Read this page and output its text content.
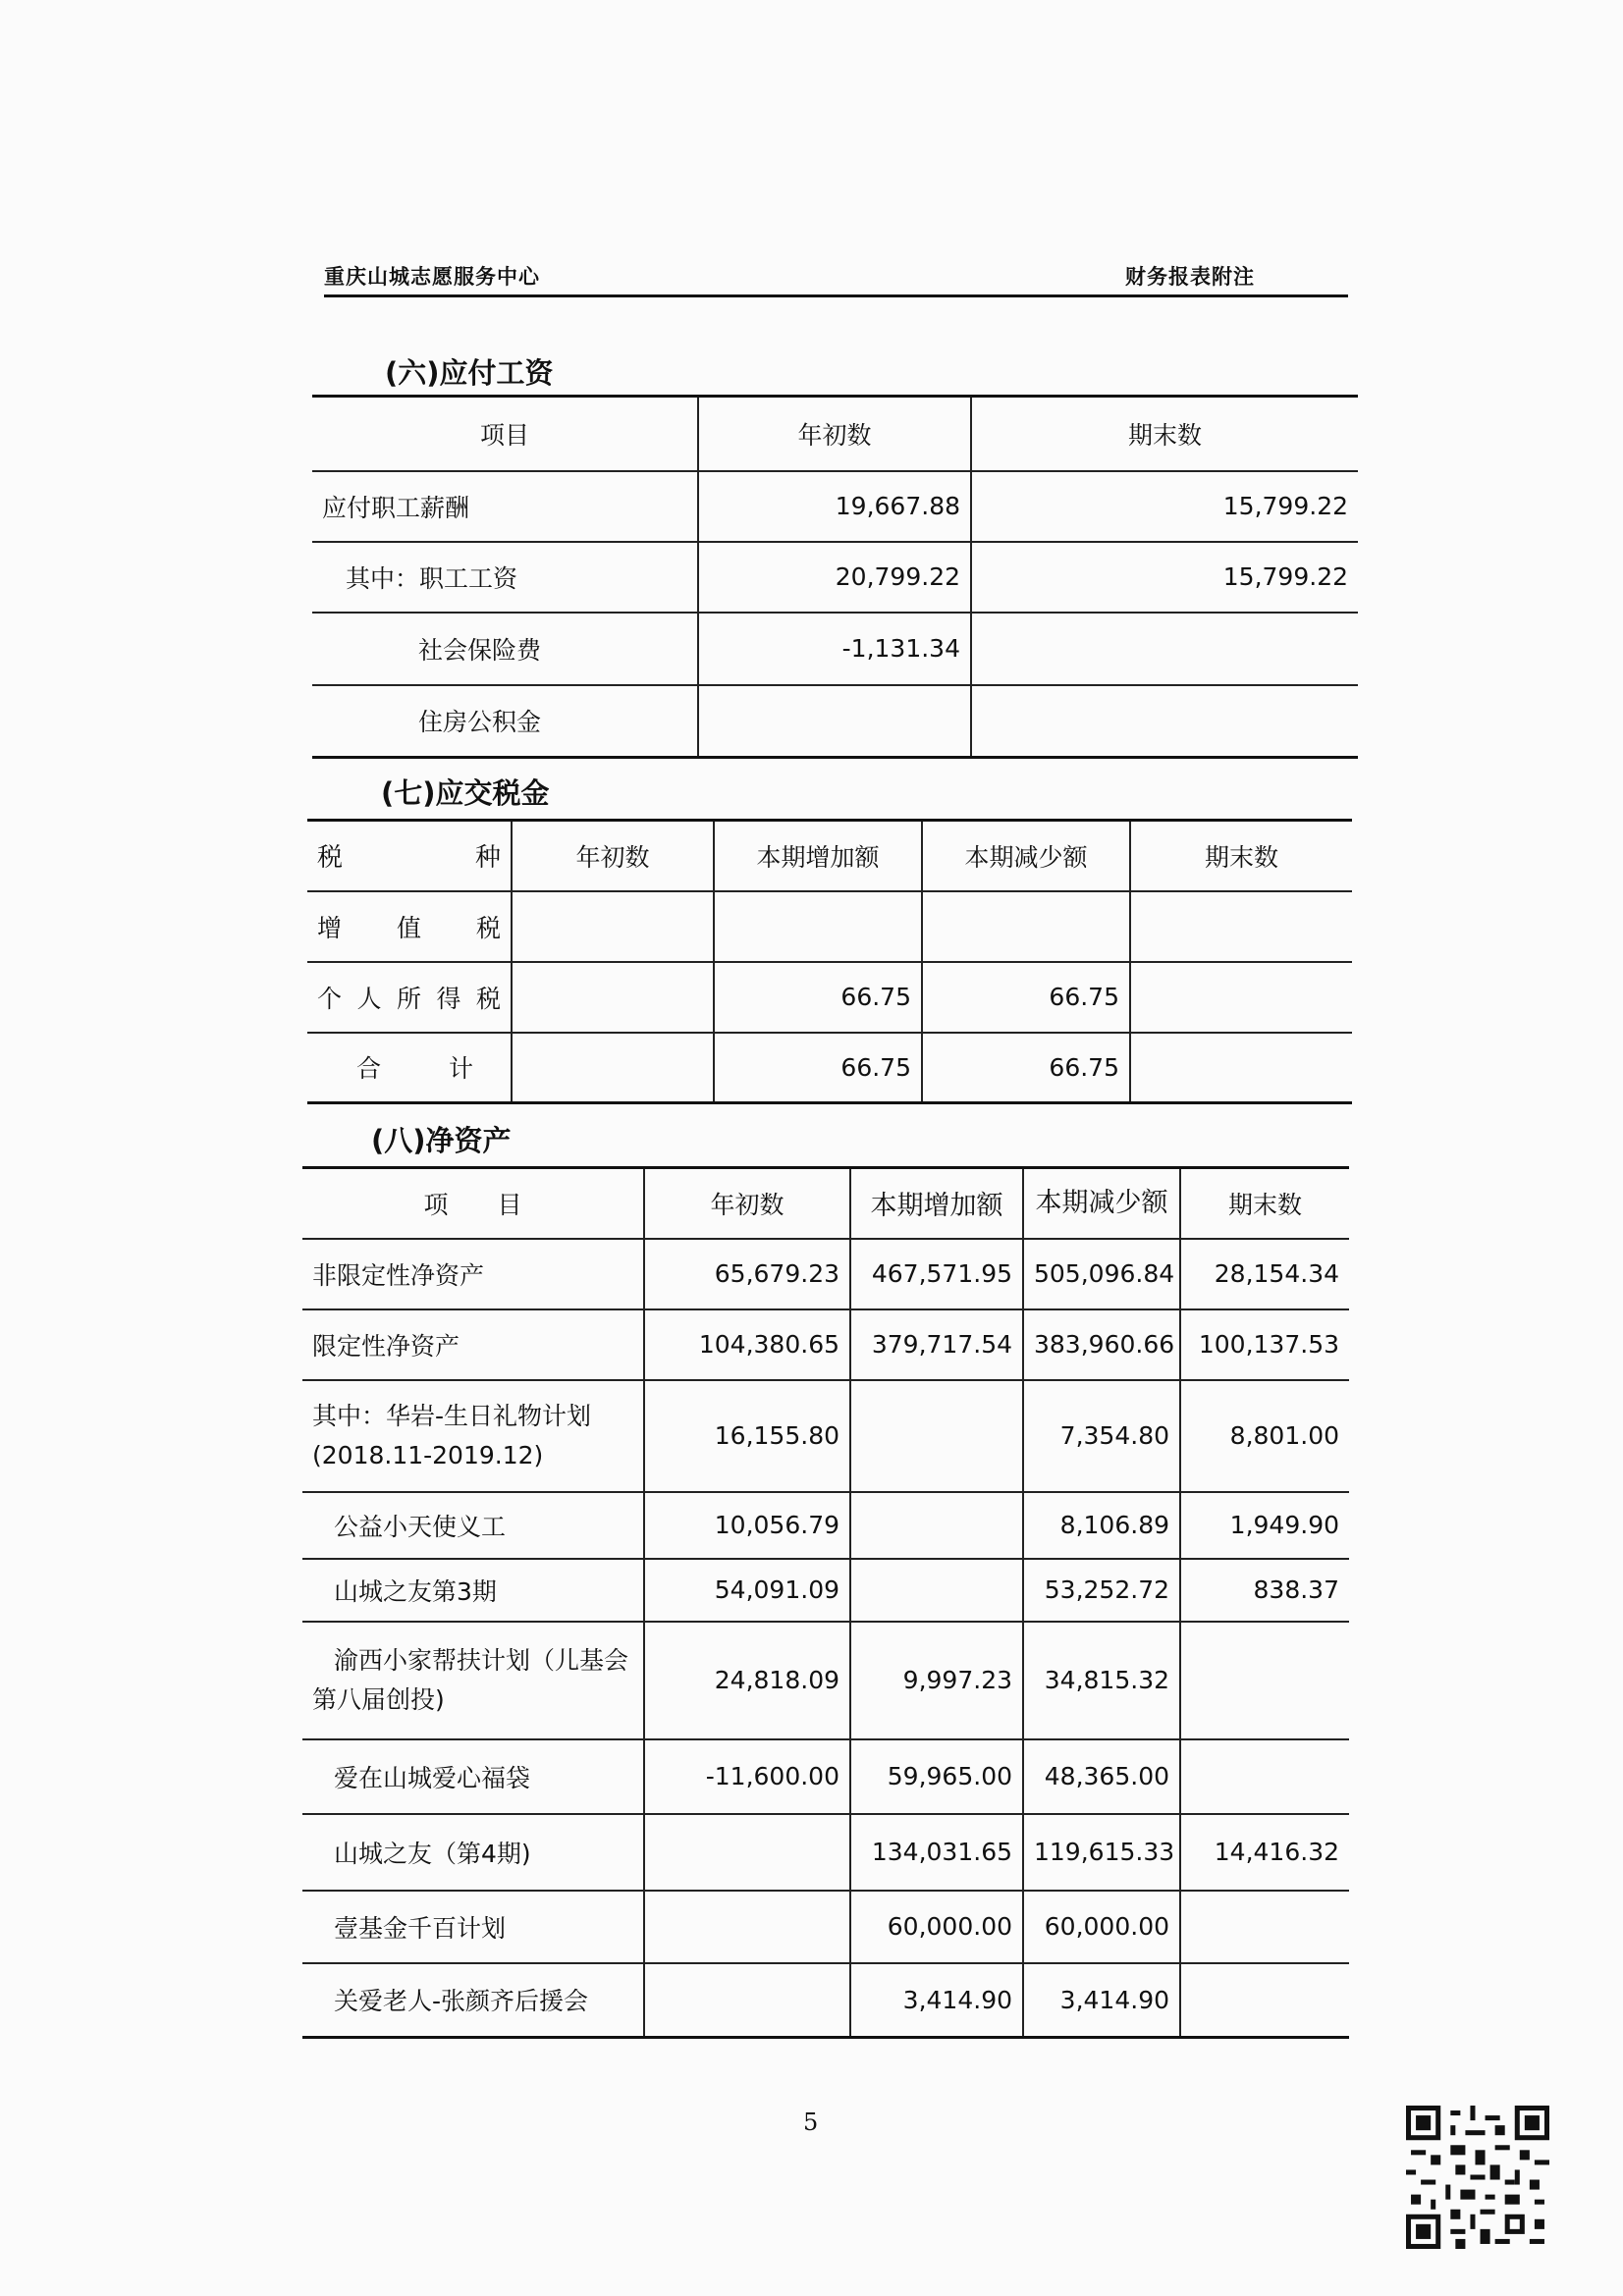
重庆山城志愿服务中心	财务报表附注
(六)应付工资
项目	年初数	期末数
应付职工薪酬	19,667.88	15,799.22
其中：职工工资	20,799.22	15,799.22
社会保险费	-1,131.34	
住房公积金		
(七)应交税金
税种	年初数	本期增加额	本期减少额	期末数
增值税				
个人所得税		66.75	66.75	
合计		66.75	66.75	
(八)净资产
项　　目	年初数	本期增加额	本期减少额	期末数
非限定性净资产	65,679.23	467,571.95	505,096.84	28,154.34
限定性净资产	104,380.65	379,717.54	383,960.66	100,137.53

其中：华岩-生日礼物计划
(2018.11-2019.12)	16,155.80		7,354.80	8,801.00
公益小天使义工	10,056.79		8,106.89	1,949.90
山城之友第3期	54,091.09		53,252.72	838.37

渝西小家帮扶计划（儿基会
第八届创投)	24,818.09	9,997.23	34,815.32	
爱在山城爱心福袋	-11,600.00	59,965.00	48,365.00	
山城之友（第4期)		134,031.65	119,615.33	14,416.32
壹基金千百计划		60,000.00	60,000.00	
关爱老人-张颜齐后援会		3,414.90	3,414.90	
5
